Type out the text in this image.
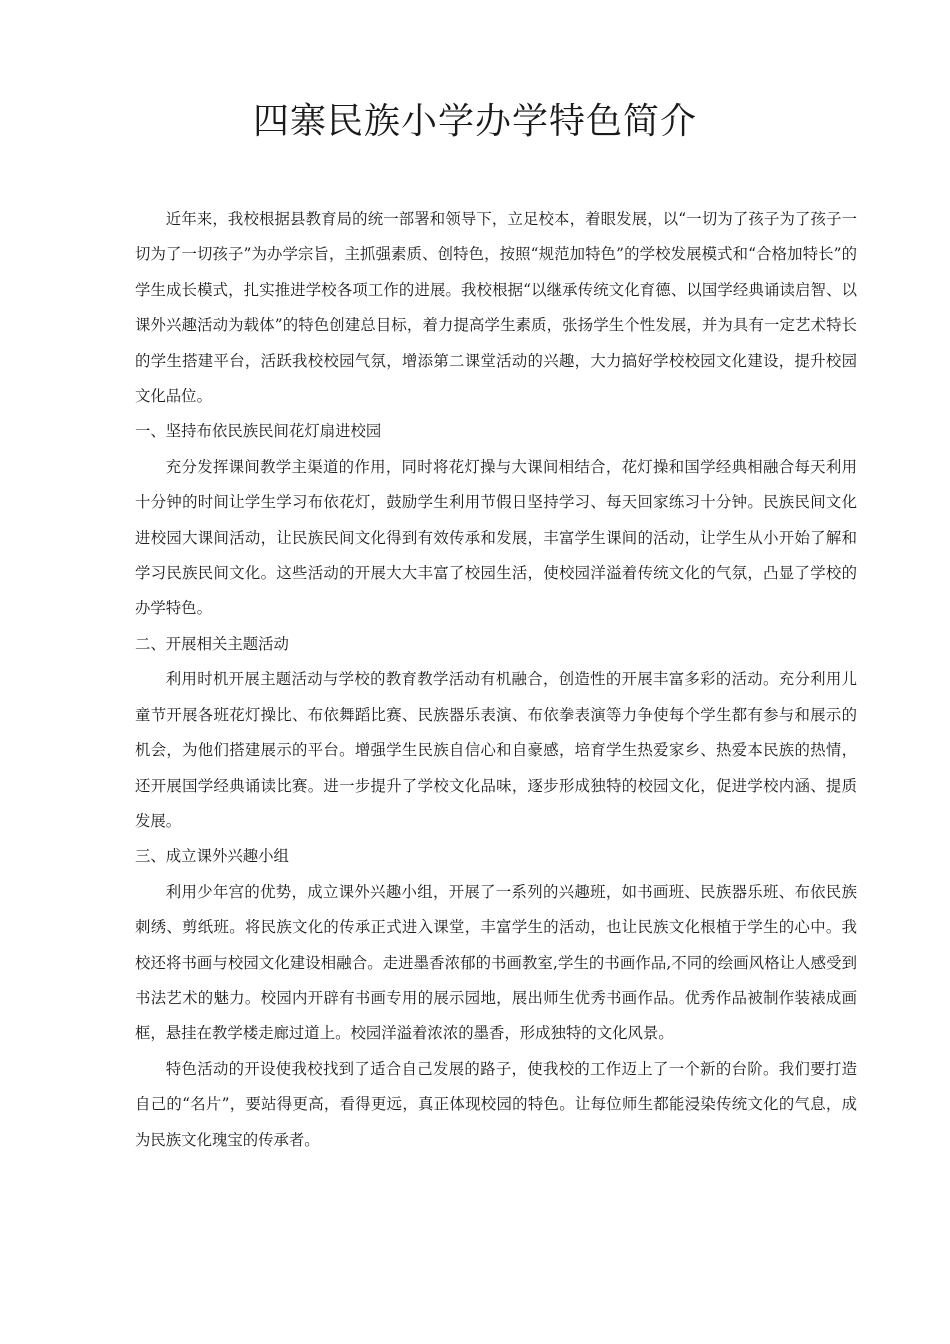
四寨民族小学办学特色简介

近年来，我校根据县教育局的统一部署和领导下，立足校本，着眼发展，以“一切为了孩子为了孩子一切为了一切孩子”为办学宗旨，主抓强素质、创特色，按照“规范加特色”的学校发展模式和“合格加特长”的学生成长模式，扎实推进学校各项工作的进展。我校根据“以继承传统文化育德、以国学经典诵读启智、以课外兴趣活动为载体”的特色创建总目标，着力提高学生素质，张扬学生个性发展，并为具有一定艺术特长的学生搭建平台，活跃我校校园气氛，增添第二课堂活动的兴趣，大力搞好学校校园文化建设，提升校园文化品位。

一、坚持布依民族民间花灯扇进校园

充分发挥课间教学主渠道的作用，同时将花灯操与大课间相结合，花灯操和国学经典相融合每天利用十分钟的时间让学生学习布依花灯，鼓励学生利用节假日坚持学习、每天回家练习十分钟。民族民间文化进校园大课间活动，让民族民间文化得到有效传承和发展，丰富学生课间的活动，让学生从小开始了解和学习民族民间文化。这些活动的开展大大丰富了校园生活，使校园洋溢着传统文化的气氛，凸显了学校的办学特色。

二、开展相关主题活动

利用时机开展主题活动与学校的教育教学活动有机融合，创造性的开展丰富多彩的活动。充分利用儿童节开展各班花灯操比、布依舞蹈比赛、民族器乐表演、布依拳表演等力争使每个学生都有参与和展示的机会，为他们搭建展示的平台。增强学生民族自信心和自豪感，培育学生热爱家乡、热爱本民族的热情，还开展国学经典诵读比赛。进一步提升了学校文化品味，逐步形成独特的校园文化，促进学校内涵、提质发展。

三、成立课外兴趣小组

利用少年宫的优势，成立课外兴趣小组，开展了一系列的兴趣班，如书画班、民族器乐班、布依民族刺绣、剪纸班。将民族文化的传承正式进入课堂，丰富学生的活动，也让民族文化根植于学生的心中。我校还将书画与校园文化建设相融合。走进墨香浓郁的书画教室,学生的书画作品,不同的绘画风格让人感受到书法艺术的魅力。校园内开辟有书画专用的展示园地，展出师生优秀书画作品。优秀作品被制作装裱成画框，悬挂在教学楼走廊过道上。校园洋溢着浓浓的墨香，形成独特的文化风景。

特色活动的开设使我校找到了适合自己发展的路子，使我校的工作迈上了一个新的台阶。我们要打造自己的“名片”，要站得更高，看得更远，真正体现校园的特色。让每位师生都能浸染传统文化的气息，成为民族文化瑰宝的传承者。
